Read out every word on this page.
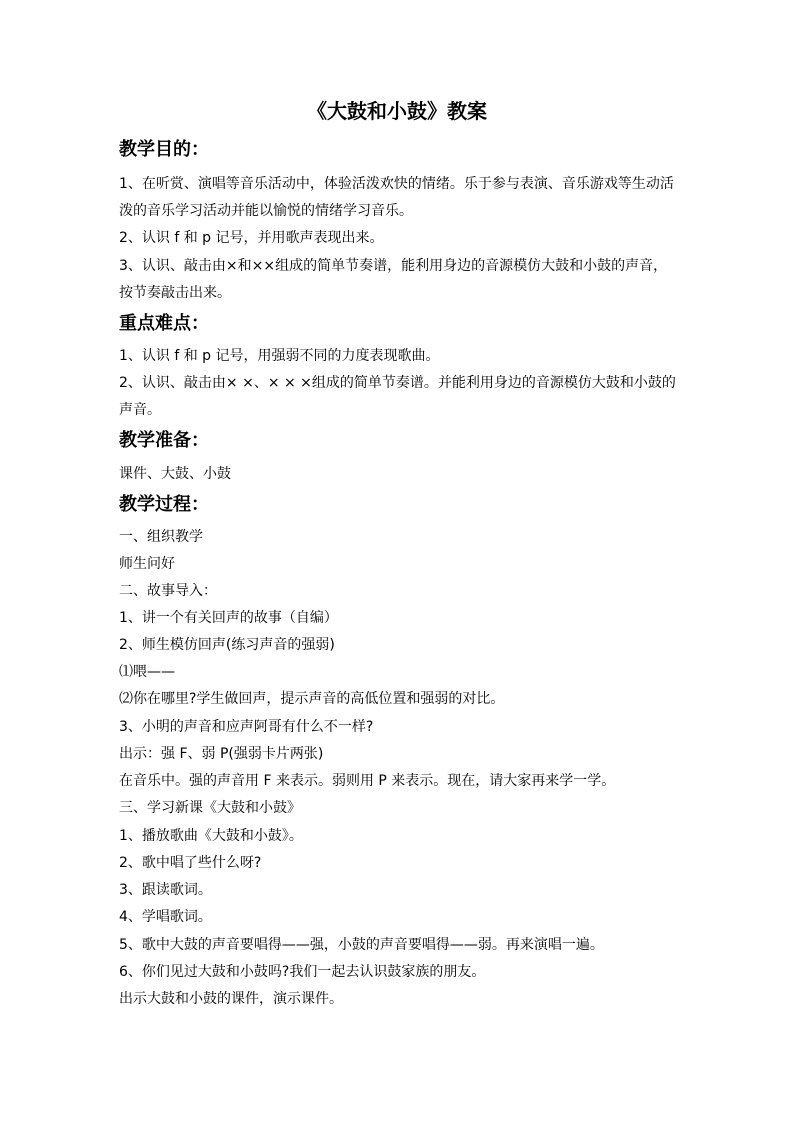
《大鼓和小鼓》教案
教学目的：
1、在听赏、演唱等音乐活动中，体验活泼欢快的情绪。乐于参与表演、音乐游戏等生动活
泼的音乐学习活动并能以愉悦的情绪学习音乐。
2、认识 f 和 p 记号，并用歌声表现出来。
3、认识、敲击由×和××组成的简单节奏谱，能利用身边的音源模仿大鼓和小鼓的声音，
按节奏敲击出来。
重点难点：
1、认识 f 和 p 记号，用强弱不同的力度表现歌曲。
2、认识、敲击由× ×、× × ×组成的简单节奏谱。并能利用身边的音源模仿大鼓和小鼓的
声音。
教学准备：
课件、大鼓、小鼓
教学过程：
一、组织教学
师生问好
二、故事导入：
1、讲一个有关回声的故事（自编）
2、师生模仿回声(练习声音的强弱)
⑴喂——
⑵你在哪里?学生做回声，提示声音的高低位置和强弱的对比。
3、小明的声音和应声阿哥有什么不一样?
出示：强 F、弱 P(强弱卡片两张)
在音乐中。强的声音用 F 来表示。弱则用 P 来表示。现在，请大家再来学一学。
三、学习新课《大鼓和小鼓》
1、播放歌曲《大鼓和小鼓》。
2、歌中唱了些什么呀?
3、跟读歌词。
4、学唱歌词。
5、歌中大鼓的声音要唱得——强，小鼓的声音要唱得——弱。再来演唱一遍。
6、你们见过大鼓和小鼓吗?我们一起去认识鼓家族的朋友。
出示大鼓和小鼓的课件，演示课件。
